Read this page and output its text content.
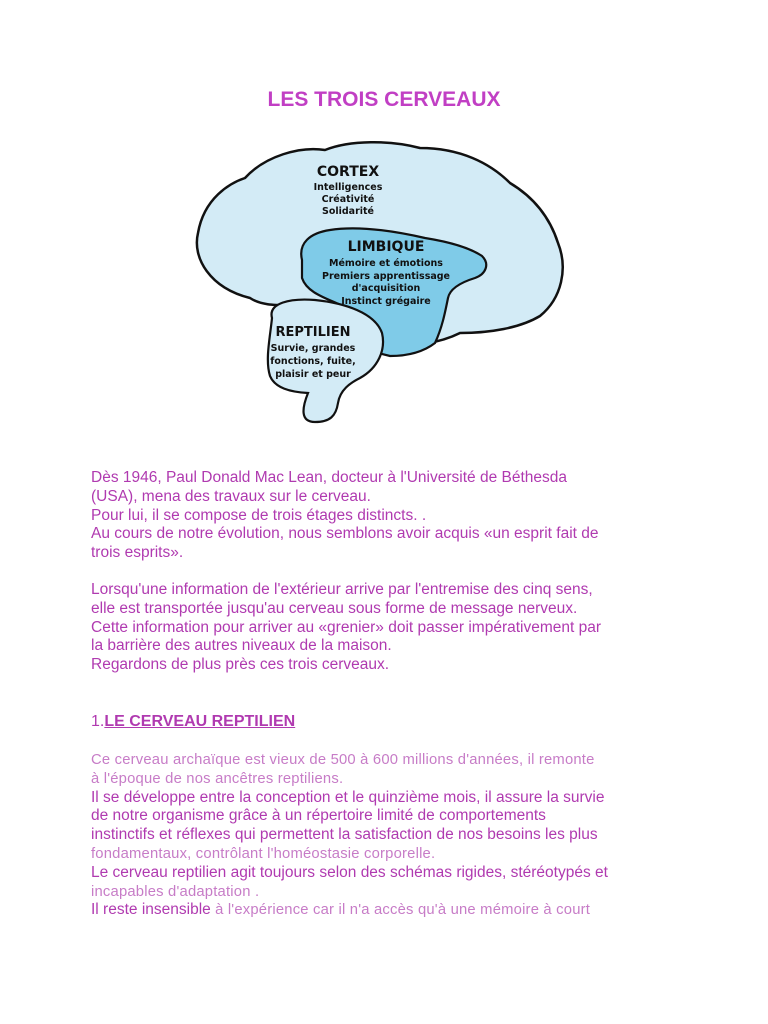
LES TROIS CERVEAUX
CORTEX
Intelligences
Créativité
Solidarité
LIMBIQUE
Mémoire et émotions
Premiers apprentissage
d'acquisition
Instinct grégaire
REPTILIEN
Survie, grandes
fonctions, fuite,
plaisir et peur
Dès 1946, Paul Donald Mac Lean, docteur à l'Université de Béthesda
(USA), mena des travaux sur le cerveau.
Pour lui, il se compose de trois étages distincts. .
Au cours de notre évolution, nous semblons avoir acquis «un esprit fait de
trois esprits».
Lorsqu'une information de l'extérieur arrive par l'entremise des cinq sens,
elle est transportée jusqu'au cerveau sous forme de message nerveux.
Cette information pour arriver au «grenier» doit passer impérativement par
la barrière des autres niveaux de la maison.
Regardons de plus près ces trois cerveaux.
1.LE CERVEAU REPTILIEN
Ce cerveau archaïque est vieux de 500 à 600 millions d'années, il remonte
à l'époque de nos ancêtres reptiliens.
Il se développe entre la conception et le quinzième mois, il assure la survie
de notre organisme grâce à un répertoire limité de comportements
instinctifs et réflexes qui permettent la satisfaction de nos besoins les plus
fondamentaux, contrôlant l'homéostasie corporelle.
Le cerveau reptilien agit toujours selon des schémas rigides, stéréotypés et
incapables d'adaptation .
Il reste insensible à l'expérience car il n'a accès qu'à une mémoire à court
